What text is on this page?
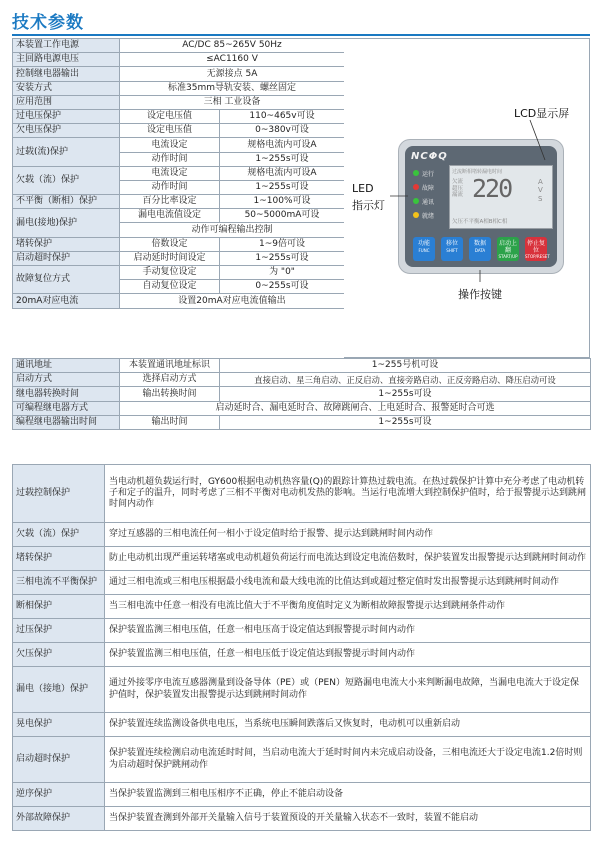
技术参数
本装置工作电源	AC/DC 85~265V 50Hz	
主回路电源电压	≤AC1160 V	
控制继电器输出	无源接点 5A	
安装方式	标准35mm导轨安装、螺丝固定	
应用范围	三相 工业设备	
过电压保护	设定电压值	110~465v可设
欠电压保护	设定电压值	0~380v可设
过载(流)保护	电流设定	规格电流内可设A
	动作时间	1~255s可设
欠载（流）保护	电流设定	规格电流内可设A
	动作时间	1~255s可设
不平衡（断相）保护	百分比率设定	1~100%可设
漏电(接地)保护	漏电电流值设定	50~5000mA可设
	动作可编程输出控制	
堵转保护	倍数设定	1~9倍可设
启动超时保护	启动延时时间设定	1~255s可设
故障复位方式	手动复位设定	为 "0"
	自动复位设定	0~255s可设
20mA对应电流	设置20mA对应电流值输出	
NCΦQ
运行
故障
通讯
就绪
过流断相堵转漏电时间
欠流
超压
漏流 220	A
V
S
欠压不平衡A相B相C相
功能
FUNC
移位
SHIFT
数据
DATA
启动上翻
START/UP
停止复位
STOP/RESET
LCD显示屏
LED
指示灯
操作按键
通讯地址	本装置通讯地址标识	1~255号机可设
启动方式	选择启动方式	直接启动、星三角启动、正反启动、直接旁路启动、正反旁路启动、降压启动可设
继电器转换时间	输出转换时间	1~255s可设
可编程继电器方式	启动延时合、漏电延时合、故障跳闸合、上电延时合、报警延时合可选	
编程继电器输出时间	输出时间	1~255s可设
过载控制保护	当电动机超负载运行时，GY600根据电动机热容量(Q)的跟踪计算热过载电流。在热过载保护计算中充分考虑了电动机转子和定子的温升，同时考虑了三相不平衡对电动机发热的影响。当运行电流增大到控制保护值时，给于报警提示达到跳闸时间内动作
欠载（流）保护	穿过互感器的三相电流任何一相小于设定值时给于报警、提示达到跳闸时间内动作
堵转保护	防止电动机出现严重运转堵塞或电动机超负荷运行而电流达到设定电流倍数时，保护装置发出报警提示达到跳闸时间动作
三相电流不平衡保护	通过三相电流或三相电压根据最小线电流和最大线电流的比值达到或超过整定值时发出报警提示达到跳闸时间动作
断相保护	当三相电流中任意一相没有电流比值大于不平衡角度值时定义为断相故障报警提示达到跳闸条件动作
过压保护	保护装置监测三相电压值，任意一相电压高于设定值达到报警提示时间内动作
欠压保护	保护装置监测三相电压值，任意一相电压低于设定值达到报警提示时间内动作
漏电（接地）保护	通过外接零序电流互感器测量到设备导体（PE）或（PEN）短路漏电电流大小来判断漏电故障，当漏电电流大于设定保护值时，保护装置发出报警提示达到跳闸时间动作
晃电保护	保护装置连续监测设备供电电压，当系统电压瞬间跌落后又恢复时，电动机可以重新启动
启动超时保护	保护装置连续检测启动电流延时时间，当启动电流大于延时时间内未完成启动设备，三相电流还大于设定电流1.2倍时则为启动超时保护跳闸动作
逆序保护	当保护装置监测到三相电压相序不正确，停止不能启动设备
外部故障保护	当保护装置查测到外部开关量输入信号于装置预设的开关量输入状态不一致时，装置不能启动
